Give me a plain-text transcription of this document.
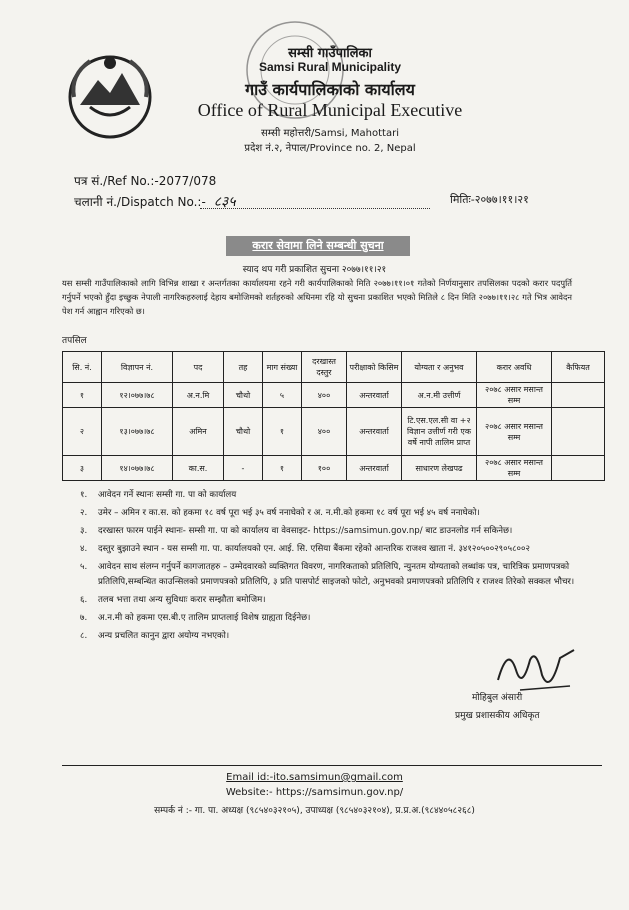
सम्सी गाउँपालिका
Samsi Rural Municipality
गाउँ कार्यपालिकाको कार्यालय
Office of Rural Municipal Executive
सम्सी महोत्तरी/Samsi, Mahottari
प्रदेश नं.२, नेपाल/Province no. 2, Nepal
पत्र सं./Ref No.:-2077/078
चलानी नं./Dispatch No.:- ८३५	मितिः-२०७७।११।२१
करार सेवामा लिने सम्बन्धी सुचना
स्याद थप गरी प्रकाशित सुचना २०७७।११।२१
यस सम्सी गाउँपालिकाको लागि विभिन्न शाखा र अन्तर्गतका कार्यालयमा रहने गरी कार्यपालिकाको मिति २०७७।११।०१ गतेको निर्णयानुसार तपसिलका पदको करार पदपुर्ति गर्नुपर्ने भएको हुँदा इच्छुक नेपाली नागरिकहरुलाई देहाय बमोजिमको शर्तहरुको अधिनमा रहि यो सुचना प्रकाशित भएको मितिले ८ दिन मिति २०७७।११।२८ गते भित्र आवेदन पेश गर्न आह्वान गरिएको छ।
तपसिल
सि. नं.	विज्ञापन नं.	पद	तह	माग संख्या	दरखास्त दस्तुर	परीक्षाको किसिम	योग्यता र अनुभव	करार अवधि	कैफियत
१	१२।०७७।७८	अ.न.मि	चौथो	५	४००	अन्तरवार्ता	अ.न.मी उत्तीर्ण	२०७८ असार मसान्त सम्म	
२	१३।०७७।७८	अमिन	चौथो	१	४००	अन्तरवार्ता	टि.एस.एल.सी वा +२ विज्ञान उत्तीर्ण गरी एक वर्षे नापी तालिम प्राप्त	२०७८ असार मसान्त सम्म	
३	१४।०७७।७८	का.स.	-	१	१००	अन्तरवार्ता	साधारण लेखपढ	२०७८ असार मसान्त सम्म	
१. आवेदन गर्ने स्थानः सम्सी गा. पा को कार्यालय
२. उमेर – अमिन र का.स. को हकमा १८ वर्ष पूरा भई ३५ वर्ष ननाघेको र अ. न.मी.को हकमा १८ वर्ष पूरा भई ४५ वर्ष ननाघेको।
३. दरखास्त फारम पाईने स्थानः- सम्सी गा. पा को कार्यालय वा वेवसाइट- https://samsimun.gov.np/ बाट डाउनलोड गर्न सकिनेछ।
४. दस्तुर बुझाउने स्थान - यस सम्सी गा. पा. कार्यालयको एन. आई. सि. एसिया बैंकमा रहेको आन्तरिक राजश्व खाता नं. ३४१२०५००२९०५८००२
५. आवेदन साथ संलग्न गर्नुपर्ने कागजातहरु – उम्मेदवारको व्यक्तिगत विवरण, नागरिकताको प्रतिलिपि, न्युनतम योग्यताको लब्धांक पत्र, चारित्रिक प्रमाणपत्रको प्रतिलिपि,सम्बन्धित काउन्सिलको प्रमाणपत्रको प्रतिलिपि, ३ प्रति पासपोर्ट साइजको फोटो, अनुभवको प्रमाणपत्रको प्रतिलिपि र राजश्व तिरेको सक्कल भौचर।
६. तलब भत्ता तथा अन्य सुविधाः करार सम्झौता बमोजिम।
७. अ.न.मी को हकमा एस.बी.ए तालिम प्राप्तलाई विशेष ग्राह्यता दिईनेछ।
८. अन्य प्रचलित कानुन द्वारा अयोग्य नभएको।
मोहिबुल अंसारी
प्रमुख प्रशासकीय अधिकृत
Email id:-ito.samsimun@gmail.com
Website:- https://samsimun.gov.np/
सम्पर्क नं :- गा. पा. अध्यक्ष (९८५४०३२१०५), उपाध्यक्ष (९८५४०३२१०४), प्र.प्र.अ.(९८४४०५८२६८)
